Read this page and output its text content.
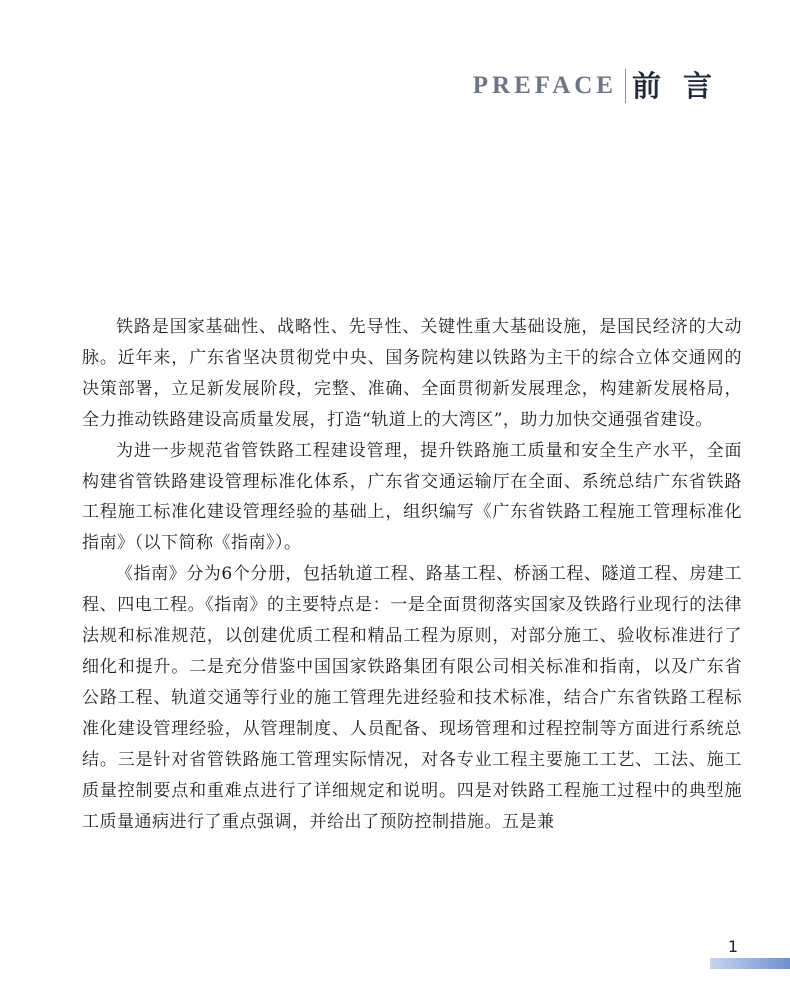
PREFACE 前言

铁路是国家基础性、战略性、先导性、关键性重大基础设施，是国民经济的大动脉。近年来，广东省坚决贯彻党中央、国务院构建以铁路为主干的综合立体交通网的决策部署，立足新发展阶段，完整、准确、全面贯彻新发展理念，构建新发展格局，全力推动铁路建设高质量发展，打造“轨道上的大湾区”，助力加快交通强省建设。

为进一步规范省管铁路工程建设管理，提升铁路施工质量和安全生产水平，全面构建省管铁路建设管理标准化体系，广东省交通运输厅在全面、系统总结广东省铁路工程施工标准化建设管理经验的基础上，组织编写《广东省铁路工程施工管理标准化指南》（以下简称《指南》）。

《指南》分为6个分册，包括轨道工程、路基工程、桥涵工程、隧道工程、房建工程、四电工程。《指南》的主要特点是：一是全面贯彻落实国家及铁路行业现行的法律法规和标准规范，以创建优质工程和精品工程为原则，对部分施工、验收标准进行了细化和提升。二是充分借鉴中国国家铁路集团有限公司相关标准和指南，以及广东省公路工程、轨道交通等行业的施工管理先进经验和技术标准，结合广东省铁路工程标准化建设管理经验，从管理制度、人员配备、现场管理和过程控制等方面进行系统总结。三是针对省管铁路施工管理实际情况，对各专业工程主要施工工艺、工法、施工质量控制要点和重难点进行了详细规定和说明。四是对铁路工程施工过程中的典型施工质量通病进行了重点强调，并给出了预防控制措施。五是兼

1
